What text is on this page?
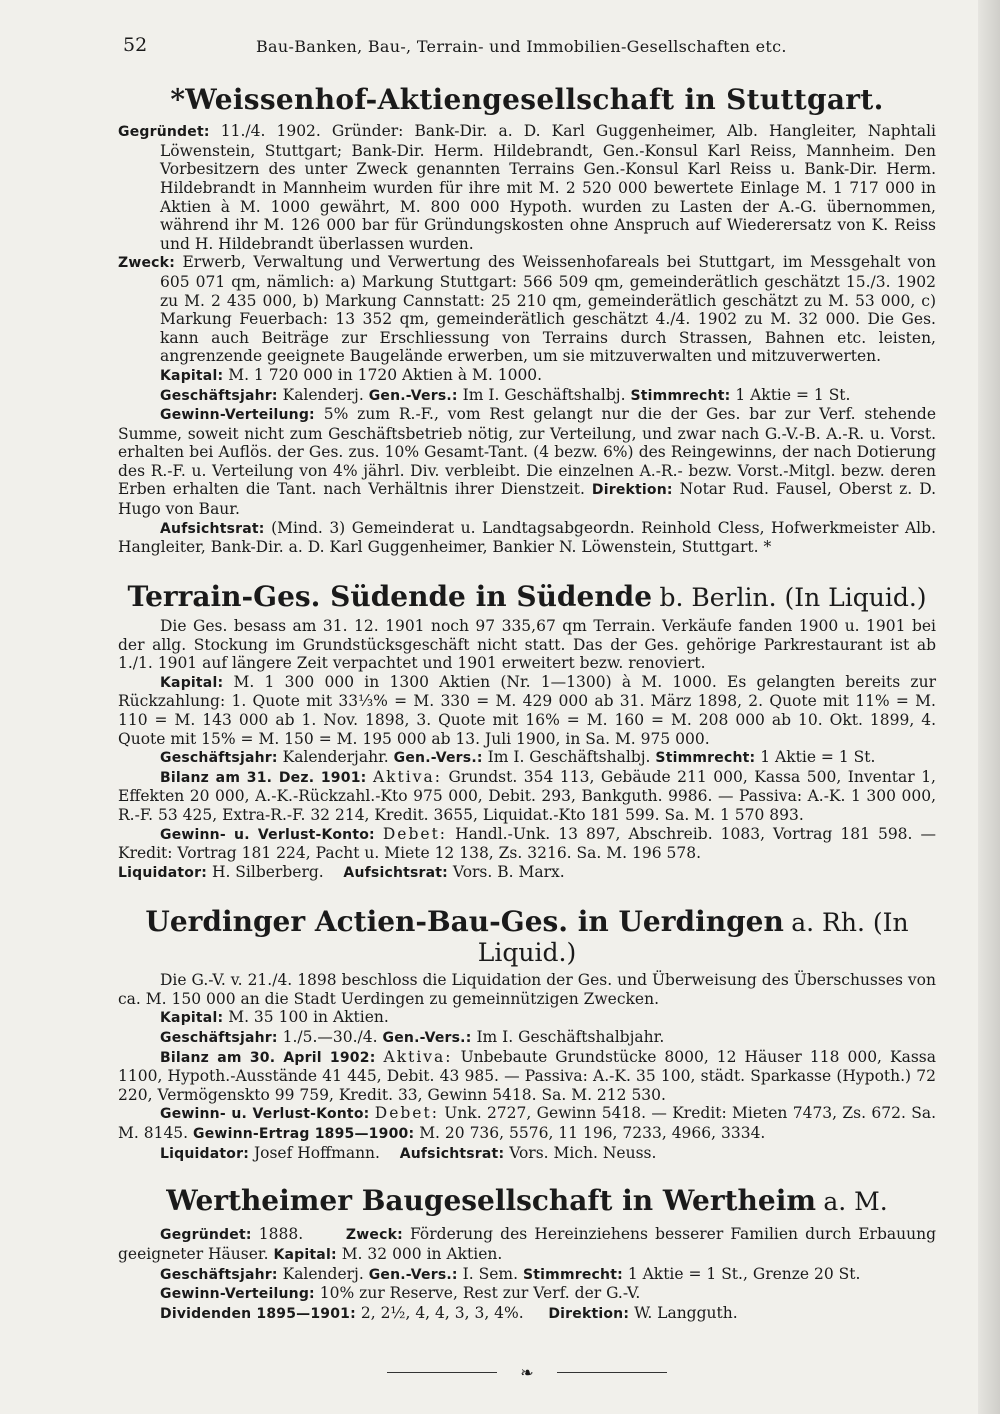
52	Bau-Banken, Bau-, Terrain- und Immobilien-Gesellschaften etc.
*Weissenhof-Aktiengesellschaft in Stuttgart.

Gegründet: 11./4. 1902. Gründer: Bank-Dir. a. D. Karl Guggenheimer, Alb. Hangleiter, Naphtali Löwenstein, Stuttgart; Bank-Dir. Herm. Hildebrandt, Gen.-Konsul Karl Reiss, Mannheim. Den Vorbesitzern des unter Zweck genannten Terrains Gen.-Konsul Karl Reiss u. Bank-Dir. Herm. Hildebrandt in Mannheim wurden für ihre mit M. 2 520 000 bewertete Einlage M. 1 717 000 in Aktien à M. 1000 gewährt, M. 800 000 Hypoth. wurden zu Lasten der A.-G. übernommen, während ihr M. 126 000 bar für Gründungskosten ohne Anspruch auf Wiederersatz von K. Reiss und H. Hildebrandt überlassen wurden.

Zweck: Erwerb, Verwaltung und Verwertung des Weissenhofareals bei Stuttgart, im Messgehalt von 605 071 qm, nämlich: a) Markung Stuttgart: 566 509 qm, gemeinderätlich geschätzt 15./3. 1902 zu M. 2 435 000, b) Markung Cannstatt: 25 210 qm, gemeinderätlich geschätzt zu M. 53 000, c) Markung Feuerbach: 13 352 qm, gemeinderätlich geschätzt 4./4. 1902 zu M. 32 000. Die Ges. kann auch Beiträge zur Erschliessung von Terrains durch Strassen, Bahnen etc. leisten, angrenzende geeignete Baugelände erwerben, um sie mitzuverwalten und mitzuverwerten.

Kapital: M. 1 720 000 in 1720 Aktien à M. 1000.

Geschäftsjahr: Kalenderj. Gen.-Vers.: Im I. Geschäftshalbj. Stimmrecht: 1 Aktie = 1 St.

Gewinn-Verteilung: 5% zum R.-F., vom Rest gelangt nur die der Ges. bar zur Verf. stehende Summe, soweit nicht zum Geschäftsbetrieb nötig, zur Verteilung, und zwar nach G.-V.-B. A.-R. u. Vorst. erhalten bei Auflös. der Ges. zus. 10% Gesamt-Tant. (4 bezw. 6%) des Reingewinns, der nach Dotierung des R.-F. u. Verteilung von 4% jährl. Div. verbleibt. Die einzelnen A.-R.- bezw. Vorst.-Mitgl. bezw. deren Erben erhalten die Tant. nach Verhältnis ihrer Dienstzeit. Direktion: Notar Rud. Fausel, Oberst z. D. Hugo von Baur.

Aufsichtsrat: (Mind. 3) Gemeinderat u. Landtagsabgeordn. Reinhold Cless, Hofwerkmeister Alb. Hangleiter, Bank-Dir. a. D. Karl Guggenheimer, Bankier N. Löwenstein, Stuttgart. *

Terrain-Ges. Südende in Südende b. Berlin. (In Liquid.)

Die Ges. besass am 31. 12. 1901 noch 97 335,67 qm Terrain. Verkäufe fanden 1900 u. 1901 bei der allg. Stockung im Grundstücksgeschäft nicht statt. Das der Ges. gehörige Parkrestaurant ist ab 1./1. 1901 auf längere Zeit verpachtet und 1901 erweitert bezw. renoviert.

Kapital: M. 1 300 000 in 1300 Aktien (Nr. 1—1300) à M. 1000. Es gelangten bereits zur Rückzahlung: 1. Quote mit 33⅓% = M. 330 = M. 429 000 ab 31. März 1898, 2. Quote mit 11% = M. 110 = M. 143 000 ab 1. Nov. 1898, 3. Quote mit 16% = M. 160 = M. 208 000 ab 10. Okt. 1899, 4. Quote mit 15% = M. 150 = M. 195 000 ab 13. Juli 1900, in Sa. M. 975 000.

Geschäftsjahr: Kalenderjahr. Gen.-Vers.: Im I. Geschäftshalbj. Stimmrecht: 1 Aktie = 1 St.

Bilanz am 31. Dez. 1901: Aktiva: Grundst. 354 113, Gebäude 211 000, Kassa 500, Inventar 1, Effekten 20 000, A.-K.-Rückzahl.-Kto 975 000, Debit. 293, Bankguth. 9986. — Passiva: A.-K. 1 300 000, R.-F. 53 425, Extra-R.-F. 32 214, Kredit. 3655, Liquidat.-Kto 181 599. Sa. M. 1 570 893.

Gewinn- u. Verlust-Konto: Debet: Handl.-Unk. 13 897, Abschreib. 1083, Vortrag 181 598. — Kredit: Vortrag 181 224, Pacht u. Miete 12 138, Zs. 3216. Sa. M. 196 578.

Liquidator: H. Silberberg. Aufsichtsrat: Vors. B. Marx.

Uerdinger Actien-Bau-Ges. in Uerdingen a. Rh. (In Liquid.)

Die G.-V. v. 21./4. 1898 beschloss die Liquidation der Ges. und Überweisung des Überschusses von ca. M. 150 000 an die Stadt Uerdingen zu gemeinnützigen Zwecken.

Kapital: M. 35 100 in Aktien.

Geschäftsjahr: 1./5.—30./4. Gen.-Vers.: Im I. Geschäftshalbjahr.

Bilanz am 30. April 1902: Aktiva: Unbebaute Grundstücke 8000, 12 Häuser 118 000, Kassa 1100, Hypoth.-Ausstände 41 445, Debit. 43 985. — Passiva: A.-K. 35 100, städt. Sparkasse (Hypoth.) 72 220, Vermögensktо 99 759, Kredit. 33, Gewinn 5418. Sa. M. 212 530.

Gewinn- u. Verlust-Konto: Debet: Unk. 2727, Gewinn 5418. — Kredit: Mieten 7473, Zs. 672. Sa. M. 8145. Gewinn-Ertrag 1895—1900: M. 20 736, 5576, 11 196, 7233, 4966, 3334.

Liquidator: Josef Hoffmann. Aufsichtsrat: Vors. Mich. Neuss.

Wertheimer Baugesellschaft in Wertheim a. M.

Gegründet: 1888.	Zweck: Förderung des Hereinziehens besserer Familien durch Erbauung geeigneter Häuser. Kapital: M. 32 000 in Aktien.

Geschäftsjahr: Kalenderj. Gen.-Vers.: I. Sem. Stimmrecht: 1 Aktie = 1 St., Grenze 20 St.

Gewinn-Verteilung: 10% zur Reserve, Rest zur Verf. der G.-V.

Dividenden 1895—1901: 2, 2½, 4, 4, 3, 3, 4%. Direktion: W. Langguth.

❧
